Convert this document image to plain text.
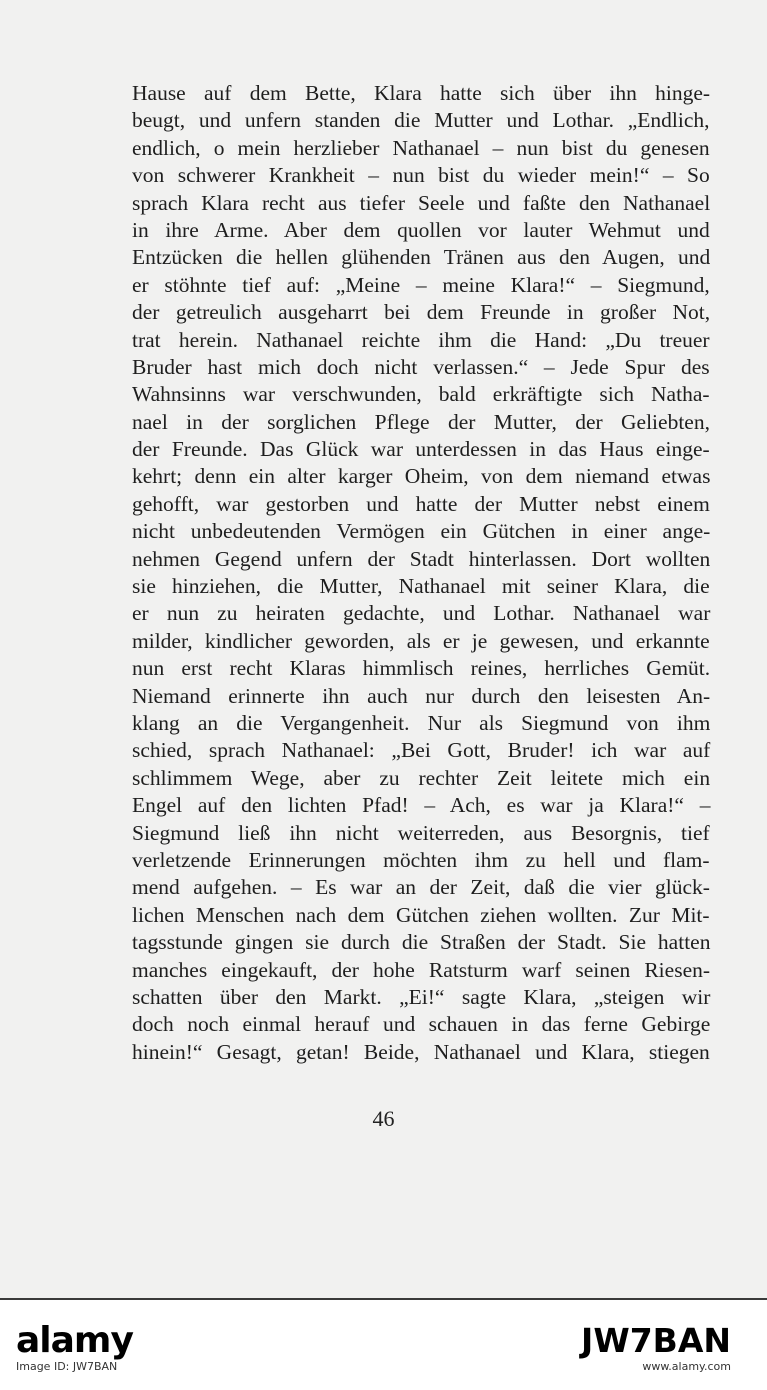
Hause auf dem Bette, Klara hatte sich über ihn hinge-
beugt, und unfern standen die Mutter und Lothar. „Endlich,
endlich, o mein herzlieber Nathanael – nun bist du genesen
von schwerer Krankheit – nun bist du wieder mein!“ – So
sprach Klara recht aus tiefer Seele und faßte den Nathanael
in ihre Arme. Aber dem quollen vor lauter Wehmut und
Entzücken die hellen glühenden Tränen aus den Augen, und
er stöhnte tief auf: „Meine – meine Klara!“ – Siegmund,
der getreulich ausgeharrt bei dem Freunde in großer Not,
trat herein. Nathanael reichte ihm die Hand: „Du treuer
Bruder hast mich doch nicht verlassen.“ – Jede Spur des
Wahnsinns war verschwunden, bald erkräftigte sich Natha-
nael in der sorglichen Pflege der Mutter, der Geliebten,
der Freunde. Das Glück war unterdessen in das Haus einge-
kehrt; denn ein alter karger Oheim, von dem niemand etwas
gehofft, war gestorben und hatte der Mutter nebst einem
nicht unbedeutenden Vermögen ein Gütchen in einer ange-
nehmen Gegend unfern der Stadt hinterlassen. Dort wollten
sie hinziehen, die Mutter, Nathanael mit seiner Klara, die
er nun zu heiraten gedachte, und Lothar. Nathanael war
milder, kindlicher geworden, als er je gewesen, und erkannte
nun erst recht Klaras himmlisch reines, herrliches Gemüt.
Niemand erinnerte ihn auch nur durch den leisesten An-
klang an die Vergangenheit. Nur als Siegmund von ihm
schied, sprach Nathanael: „Bei Gott, Bruder! ich war auf
schlimmem Wege, aber zu rechter Zeit leitete mich ein
Engel auf den lichten Pfad! – Ach, es war ja Klara!“ –
Siegmund ließ ihn nicht weiterreden, aus Besorgnis, tief
verletzende Erinnerungen möchten ihm zu hell und flam-
mend aufgehen. – Es war an der Zeit, daß die vier glück-
lichen Menschen nach dem Gütchen ziehen wollten. Zur Mit-
tagsstunde gingen sie durch die Straßen der Stadt. Sie hatten
manches eingekauft, der hohe Ratsturm warf seinen Riesen-
schatten über den Markt. „Ei!“ sagte Klara, „steigen wir
doch noch einmal herauf und schauen in das ferne Gebirge
hinein!“ Gesagt, getan! Beide, Nathanael und Klara, stiegen
46
alamy
Image ID: JW7BAN
JW7BAN
www.alamy.com
